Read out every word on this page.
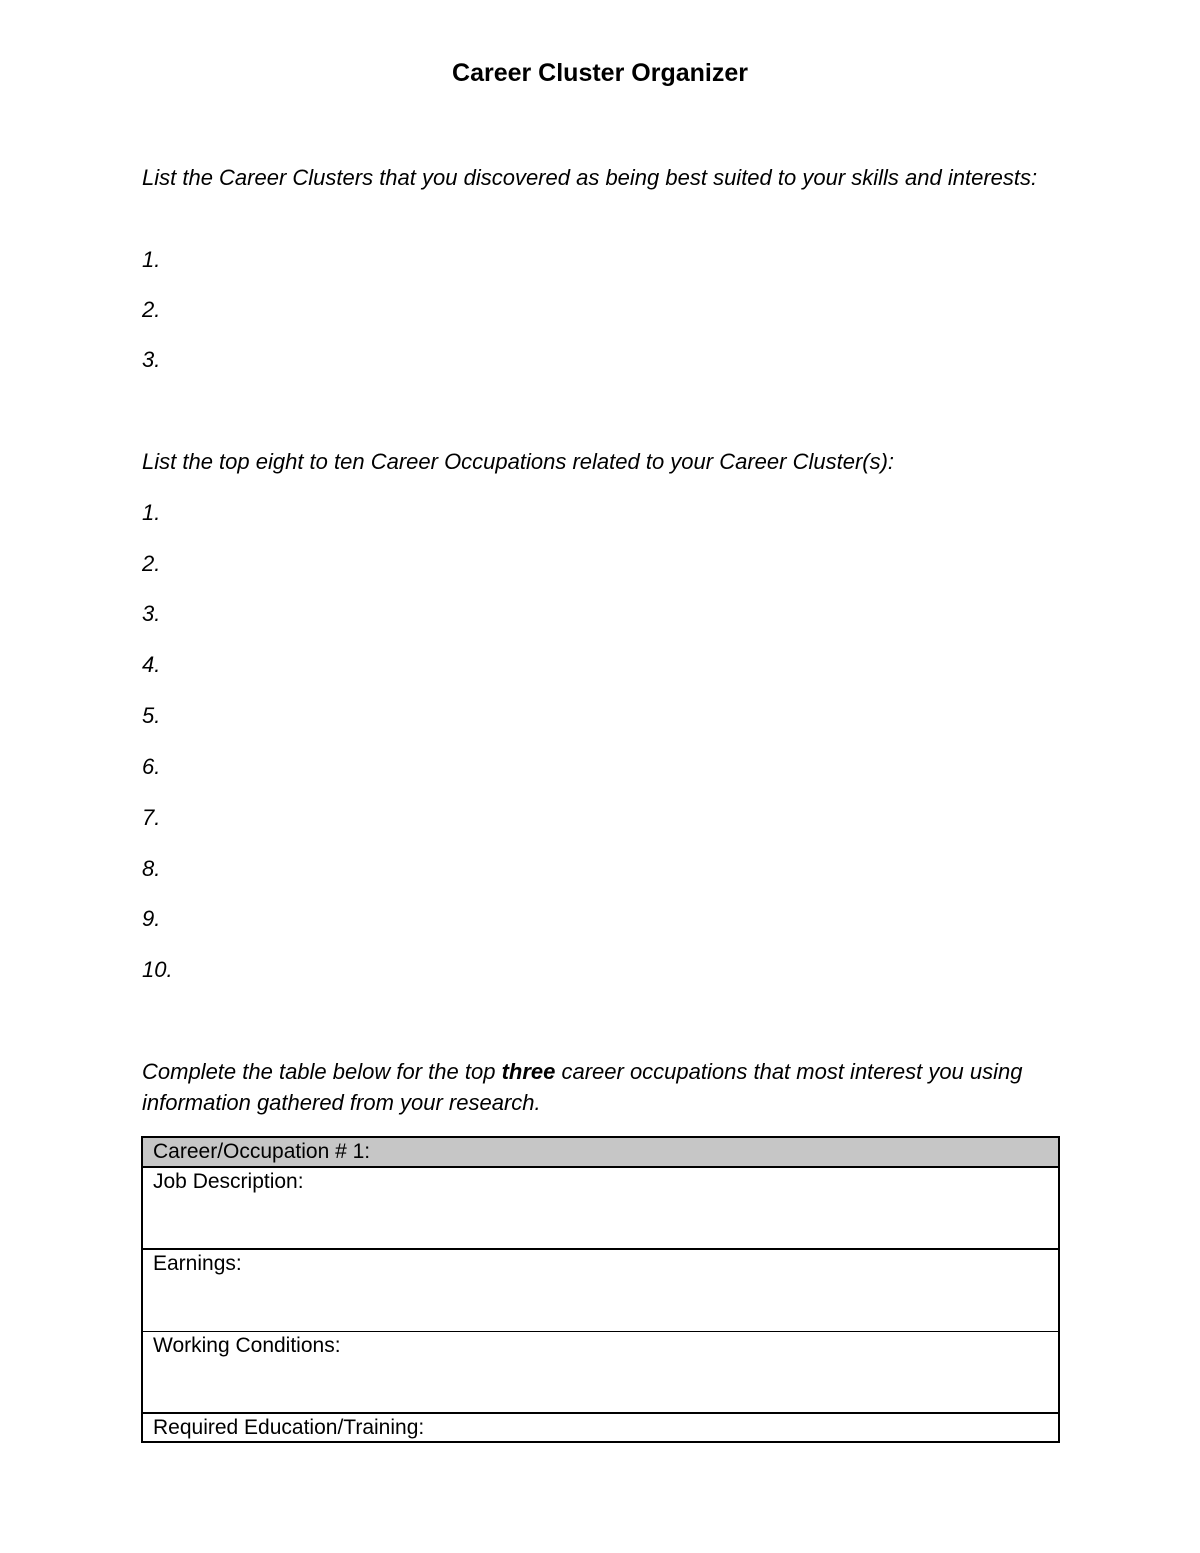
Career Cluster Organizer

List the Career Clusters that you discovered as being best suited to your skills and interests:

1.
2.
3.

List the top eight to ten Career Occupations related to your Career Cluster(s):

1.
2.
3.
4.
5.
6.
7.
8.
9.
10.

Complete the table below for the top three career occupations that most interest you using information gathered from your research.

Career/Occupation # 1:
Job Description:
Earnings:
Working Conditions:
Required Education/Training:
